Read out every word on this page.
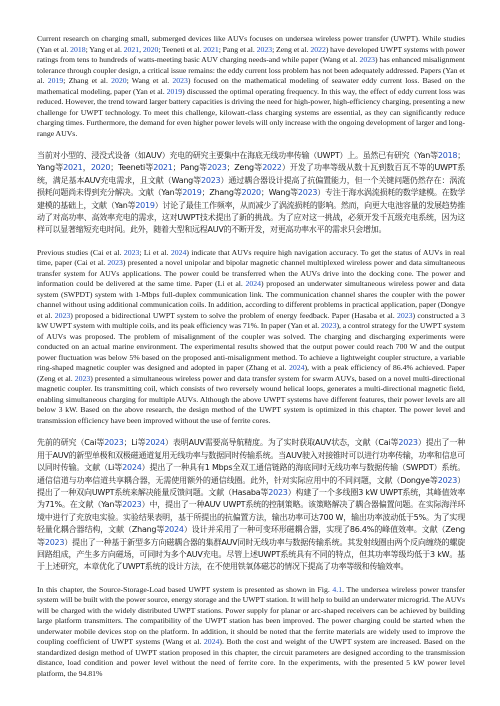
Current research on charging small, submerged devices like AUVs focuses on undersea wireless power transfer (UWPT). While studies (Yan et al. 2018; Yang et al. 2021, 2020; Teeneti et al. 2021; Pang et al. 2023; Zeng et al. 2022) have developed UWPT systems with power ratings from tens to hundreds of watts-meeting basic AUV charging needs-and while paper (Wang et al. 2023) has enhanced misalignment tolerance through coupler design, a critical issue remains: the eddy current loss problem has not been adequately addressed. Papers (Yan et al. 2019; Zhang et al. 2020; Wang et al. 2023) focused on the mathematical modeling of seawater eddy current loss. Based on the mathematical modeling, paper (Yan et al. 2019) discussed the optimal operating frequency. In this way, the effect of eddy current loss was reduced. However, the trend toward larger battery capacities is driving the need for high-power, high-efficiency charging, presenting a new challenge for UWPT technology. To meet this challenge, kilowatt-class charging systems are essential, as they can significantly reduce charging times. Furthermore, the demand for even higher power levels will only increase with the ongoing development of larger and long-range AUVs.

当前对小型的、浸没式设备（如AUV）充电的研究主要集中在海底无线功率传输（UWPT）上。虽然已有研究（Yan等2018；Yang等2021，2020；Teeneti等2021；Pang等2023；Zeng等2022）开发了功率等级从数十瓦到数百瓦不等的UWPT系统，满足基本AUV充电需求，且文献（Wang等2023）通过耦合器设计提高了抗偏置能力，但一个关键问题仍然存在：涡流损耗问题尚未得到充分解决。文献（Yan等2019；Zhang等2020；Wang等2023）专注于海水涡流损耗的数学建模。在数学建模的基础上，文献（Yan等2019）讨论了最佳工作频率，从而减少了涡流损耗的影响。然而，向更大电池容量的发展趋势推动了对高功率、高效率充电的需求，这对UWPT技术提出了新的挑战。为了应对这一挑战，必须开发千瓦级充电系统，因为这样可以显著缩短充电时间。此外，随着大型和远程AUV的不断开发，对更高功率水平的需求只会增加。

Previous studies (Cai et al. 2023; Li et al. 2024) indicate that AUVs require high navigation accuracy. To get the status of AUVs in real time, paper (Cai et al. 2023) presented a novel unipolar and bipolar magnetic channel multiplexed wireless power and data simultaneous transfer system for AUVs applications. The power could be transferred when the AUVs drive into the docking cone. The power and information could be delivered at the same time. Paper (Li et al. 2024) proposed an underwater simultaneous wireless power and data system (SWPDT) system with 1-Mbps full-duplex communication link. The communication channel shares the coupler with the power channel without using additional communication coils. In addition, according to different problems in practical application, paper (Dongye et al. 2023) proposed a bidirectional UWPT system to solve the problem of energy feedback. Paper (Hasaba et al. 2023) constructed a 3 kW UWPT system with multiple coils, and its peak efficiency was 71%. In paper (Yan et al. 2023), a control strategy for the UWPT system of AUVs was proposed. The problem of misalignment of the coupler was solved. The charging and discharging experiments were conducted on an actual marine environment. The experimental results showed that the output power could reach 700 W and the output power fluctuation was below 5% based on the proposed anti-misalignment method. To achieve a lightweight coupler structure, a variable ring-shaped magnetic coupler was designed and adopted in paper (Zhang et al. 2024), with a peak efficiency of 86.4% achieved. Paper (Zeng et al. 2023) presented a simultaneous wireless power and data transfer system for swarm AUVs, based on a novel multi-directional magnetic coupler. Its transmitting coil, which consists of two reversely wound helical loops, generates a multi-directional magnetic field, enabling simultaneous charging for multiple AUVs. Although the above UWPT systems have different features, their power levels are all below 3 kW. Based on the above research, the design method of the UWPT system is optimized in this chapter. The power level and transmission efficiency have been improved without the use of ferrite cores.

先前的研究（Cai等2023；Li等2024）表明AUV需要高导航精度。为了实时获取AUV状态，文献（Cai等2023）提出了一种用于AUV的新型单极和双极磁通道复用无线功率与数据同时传输系统。当AUV驶入对接锥时可以进行功率传输，功率和信息可以同时传输。文献（Li等2024）提出了一种具有1 Mbps全双工通信链路的海底同时无线功率与数据传输（SWPDT）系统。通信信道与功率信道共享耦合器，无需使用额外的通信线圈。此外，针对实际应用中的不同问题，文献（Dongye等2023）提出了一种双向UWPT系统来解决能量反馈问题。文献（Hasaba等2023）构建了一个多线圈3 kW UWPT系统，其峰值效率为71%。在文献（Yan等2023）中，提出了一种AUV UWPT系统的控制策略。该策略解决了耦合器偏置问题。在实际海洋环境中进行了充放电实验。实验结果表明，基于所提出的抗偏置方法，输出功率可达700 W，输出功率波动低于5%。为了实现轻量化耦合器结构，文献（Zhang等2024）设计并采用了一种可变环形磁耦合器，实现了86.4%的峰值效率。文献（Zeng等2023）提出了一种基于新型多方向磁耦合器的集群AUV同时无线功率与数据传输系统。其发射线圈由两个反向缠绕的螺旋回路组成，产生多方向磁场，可同时为多个AUV充电。尽管上述UWPT系统具有不同的特点，但其功率等级均低于3 kW。基于上述研究，本章优化了UWPT系统的设计方法，在不使用铁氧体磁芯的情况下提高了功率等级和传输效率。

In this chapter, the Source-Storage-Load based UWPT system is presented as shown in Fig. 4.1. The undersea wireless power transfer system will be built with the power source, energy storage and the UWPT station. It will help to build an underwater microgrid. The AUVs will be charged with the widely distributed UWPT stations. Power supply for planar or arc-shaped receivers can be achieved by building large platform transmitters. The compatibility of the UWPT station has been improved. The power charging could be started when the underwater mobile devices stop on the platform. In addition, it should be noted that the ferrite materials are widely used to improve the coupling coefficient of UWPT systems (Wang et al. 2024). Both the cost and weight of the UWPT system are increased. Based on the standardized design method of UWPT station proposed in this chapter, the circuit parameters are designed according to the transmission distance, load condition and power level without the need of ferrite core. In the experiments, with the presented 5 kW power level platform, the 94.81%
